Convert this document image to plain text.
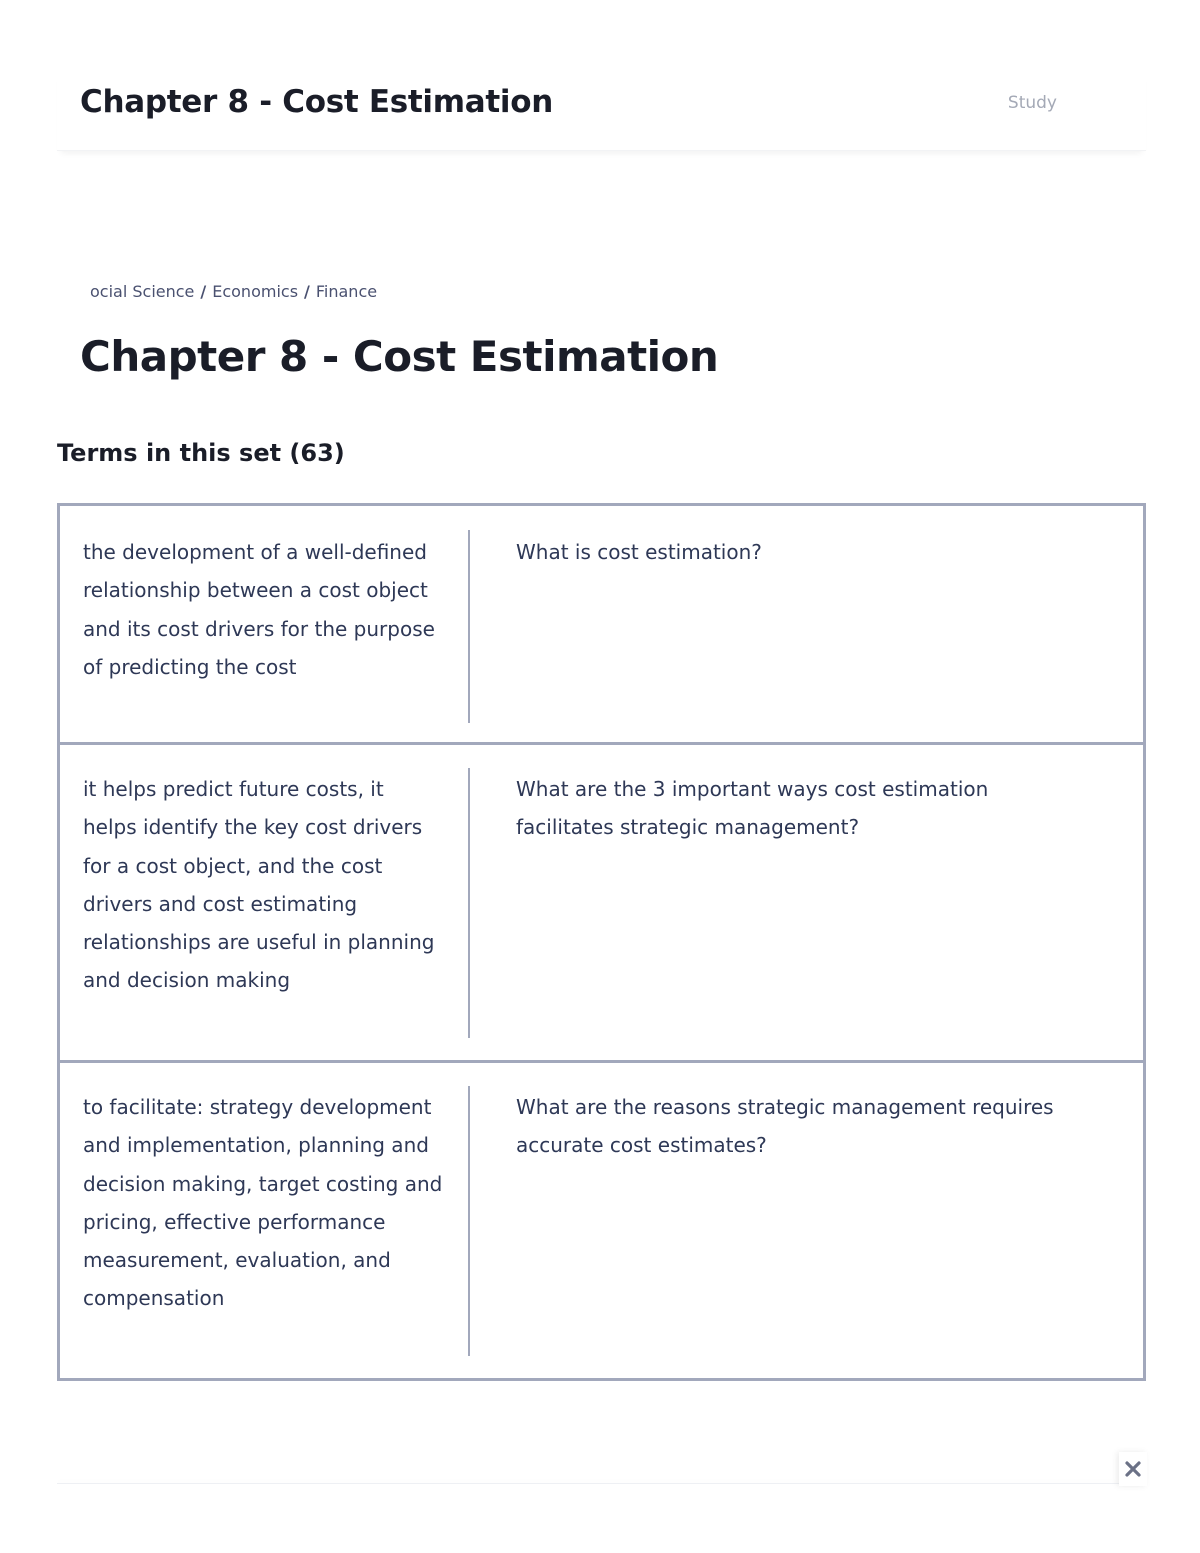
Chapter 8 - Cost Estimation	Study
ocial Science / Economics / Finance
Chapter 8 - Cost Estimation
Terms in this set (63)
the development of a well-defined relationship between a cost object and its cost drivers for the purpose of predicting the cost
What is cost estimation?
it helps predict future costs, it helps identify the key cost drivers for a cost object, and the cost drivers and cost estimating relationships are useful in planning and decision making
What are the 3 important ways cost estimation facilitates strategic management?
to facilitate: strategy development and implementation, planning and decision making, target costing and pricing, effective performance measurement, evaluation, and compensation
What are the reasons strategic management requires accurate cost estimates?
